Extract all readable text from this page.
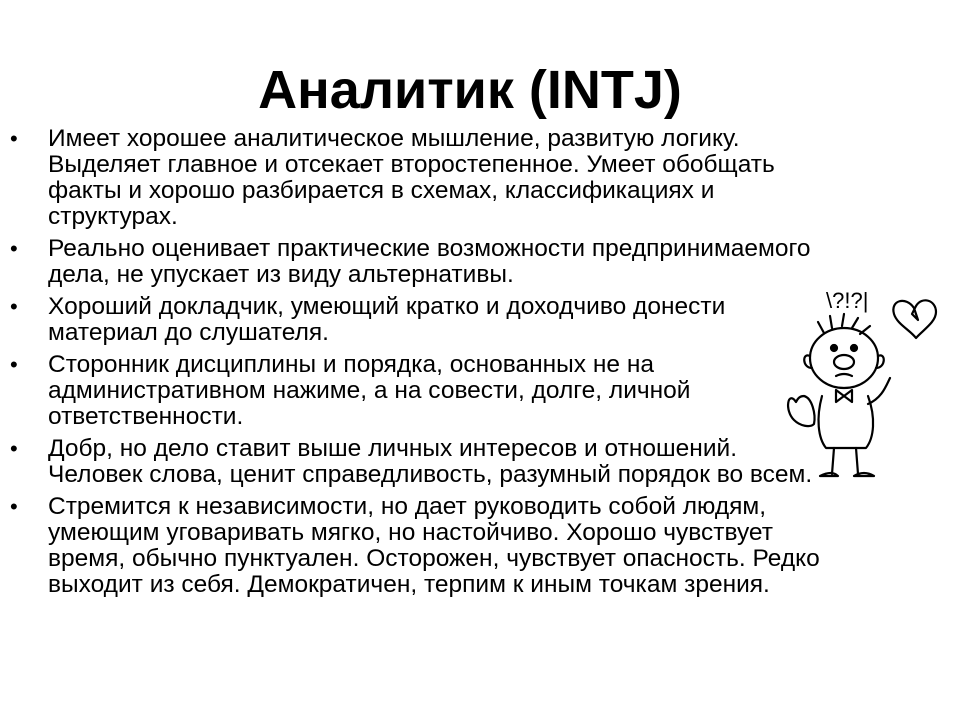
Аналитик (INTJ)
• Имеет хорошее аналитическое мышление, развитую логику.
Выделяет главное и отсекает второстепенное. Умеет обобщать
факты и хорошо разбирается в схемах, классификациях и
структурах.
• Реально оценивает практические возможности предпринимаемого
дела, не упускает из виду альтернативы.
• Хороший докладчик, умеющий кратко и доходчиво донести
материал до слушателя.
• Сторонник дисциплины и порядка, основанных не на
административном нажиме, а на совести, долге, личной
ответственности.
• Добр, но дело ставит выше личных интересов и отношений.
Человек слова, ценит справедливость, разумный порядок во всем.
• Стремится к независимости, но дает руководить собой людям,
умеющим уговаривать мягко, но настойчиво. Хорошо чувствует
время, обычно пунктуален. Осторожен, чувствует опасность. Редко
выходит из себя. Демократичен, терпим к иным точкам зрения.
\?!?|
